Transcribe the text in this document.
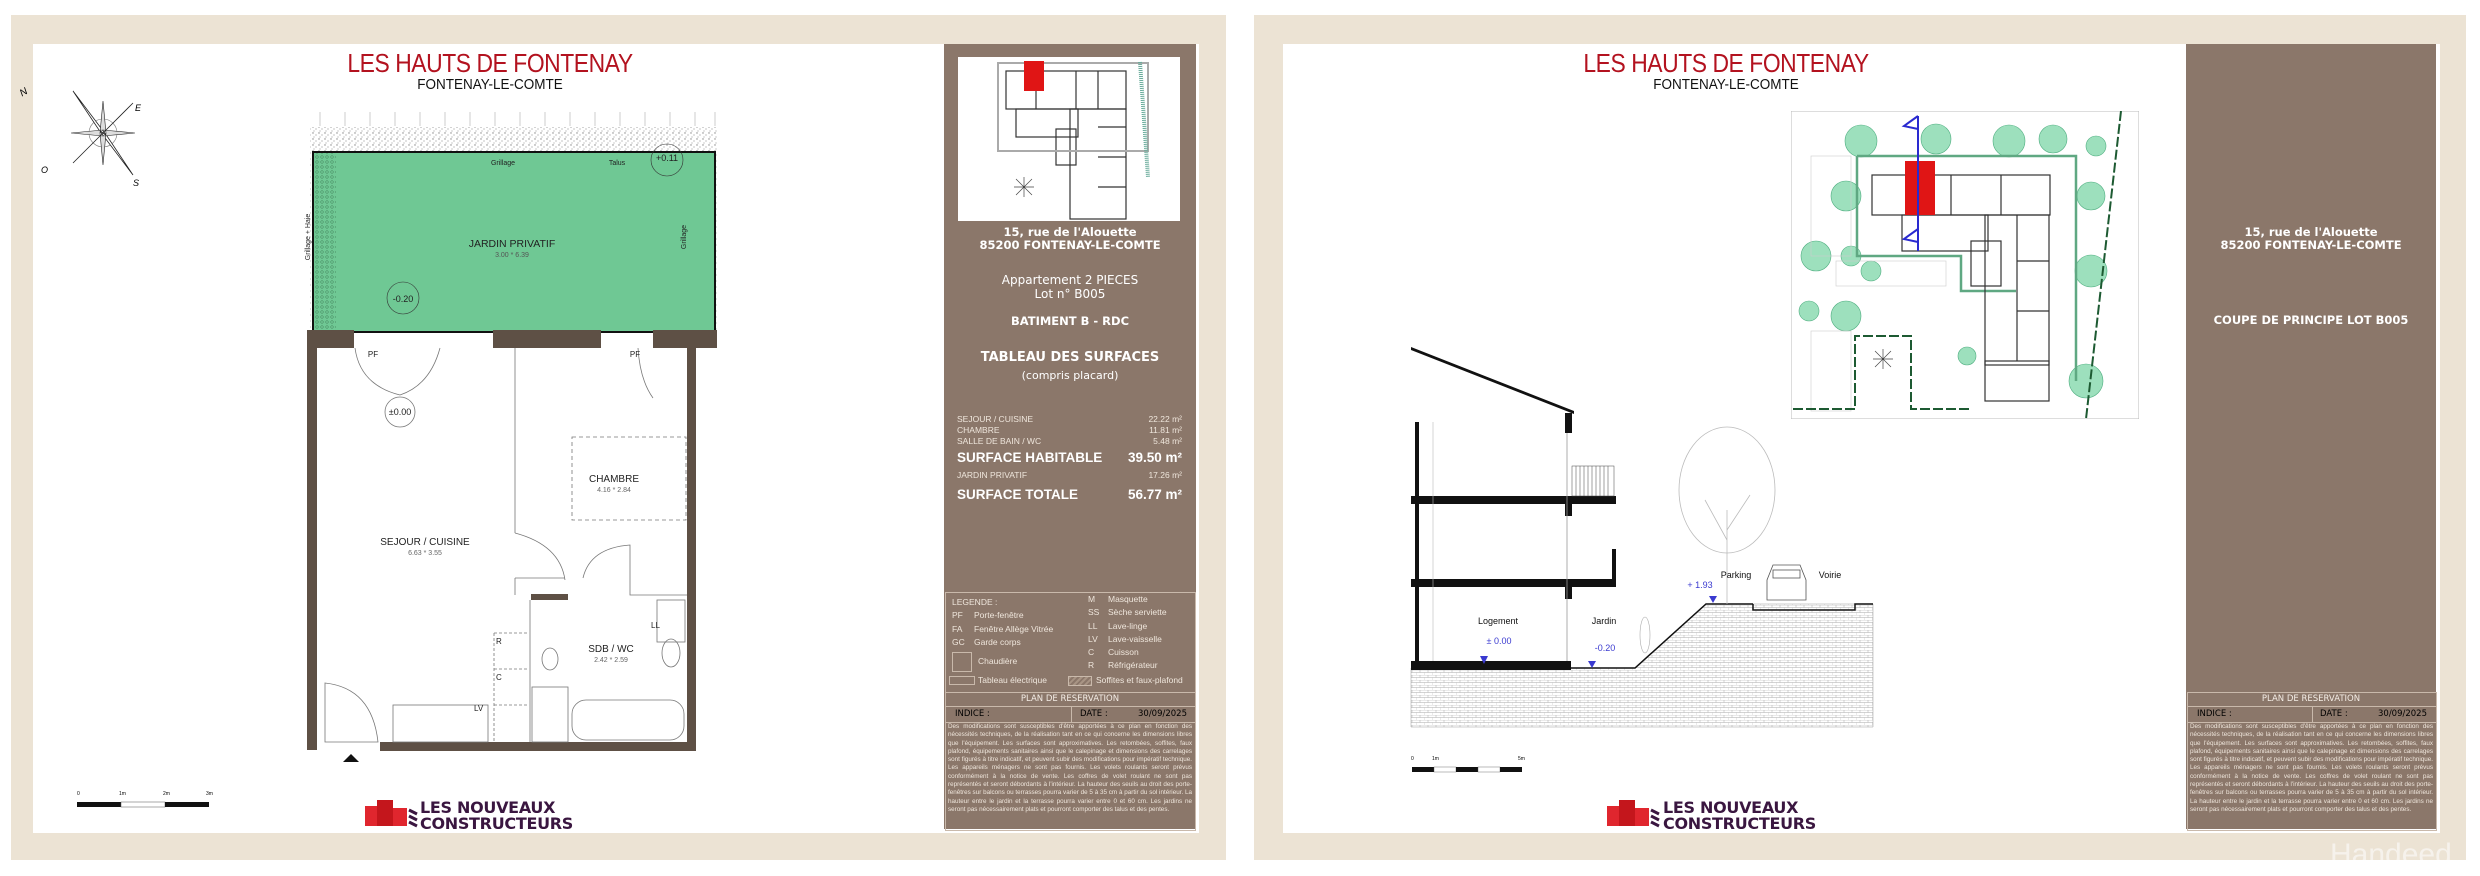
LES HAUTS DE FONTENAY
FONTENAY-LE-COMTE
N
E
S
O
JARDIN PRIVATIF
3.00 * 6.39
Grillage	Talus
+0.11
-0.20
Grillage
Grillage + Haie
PF	PF
±0.00
SEJOUR / CUISINE
6.63 * 3.55
CHAMBRE
4.16 * 2.84
SDB / WC
2.42 * 2.59
LL
R
C
LV
0	1m	2m	3m
LES NOUVEAUX
CONSTRUCTEURS
15, rue de l'Alouette
85200 FONTENAY-LE-COMTE
Appartement 2 PIECES
Lot n° B005
BATIMENT B - RDC
TABLEAU DES SURFACES
(compris placard)
SEJOUR / CUISINE	22.22 m²
CHAMBRE	11.81 m²
SALLE DE BAIN / WC	5.48 m²
SURFACE HABITABLE 39.50 m²
JARDIN PRIVATIF	17.26 m²
SURFACE TOTALE	56.77 m²
LEGENDE :
PF Porte-fenêtre
FA Fenêtre Allège Vitrée
GC Garde corps
Chaudière
Tableau électrique
M Masquette
SS Sèche serviette
LL Lave-linge
LV Lave-vaisselle
C Cuisson
R Réfrigérateur
Soffites et faux-plafond
PLAN DE RESERVATION
INDICE :	DATE :	30/09/2025
Des modifications sont susceptibles d'être apportées à ce plan en fonction des nécessités techniques, de la réalisation tant en ce qui concerne les dimensions libres que l'équipement. Les surfaces sont approximatives. Les retombées, soffites, faux plafond, équipements sanitaires ainsi que le calepinage et dimensions des carrelages sont figurés à titre indicatif, et peuvent subir des modifications pour impératif technique. Les appareils ménagers ne sont pas fournis. Les volets roulants seront prévus conformément à la notice de vente. Les coffres de volet roulant ne sont pas représentés et seront débordants à l'intérieur. La hauteur des seuils au droit des porte-fenêtres sur balcons ou terrasses pourra varier de 5 à 35 cm à partir du sol intérieur. La hauteur entre le jardin et la terrasse pourra varier entre 0 et 60 cm. Les jardins ne seront pas nécessairement plats et pourront comporter des talus et des pentes.
LES HAUTS DE FONTENAY
FONTENAY-LE-COMTE
Logement	Jardin
Parking	Voirie
± 0.00
-0.20
+ 1.93
0	1m	5m
LES NOUVEAUX
CONSTRUCTEURS
15, rue de l'Alouette
85200 FONTENAY-LE-COMTE
COUPE DE PRINCIPE LOT B005
PLAN DE RESERVATION
INDICE :	DATE :	30/09/2025
Des modifications sont susceptibles d'être apportées à ce plan en fonction des nécessités techniques, de la réalisation tant en ce qui concerne les dimensions libres que l'équipement. Les surfaces sont approximatives. Les retombées, soffites, faux plafond, équipements sanitaires ainsi que le calepinage et dimensions des carrelages sont figurés à titre indicatif, et peuvent subir des modifications pour impératif technique. Les appareils ménagers ne sont pas fournis. Les volets roulants seront prévus conformément à la notice de vente. Les coffres de volet roulant ne sont pas représentés et seront débordants à l'intérieur. La hauteur des seuils au droit des porte-fenêtres sur balcons ou terrasses pourra varier de 5 à 35 cm à partir du sol intérieur. La hauteur entre le jardin et la terrasse pourra varier entre 0 et 60 cm. Les jardins ne seront pas nécessairement plats et pourront comporter des talus et des pentes.
Handeed
